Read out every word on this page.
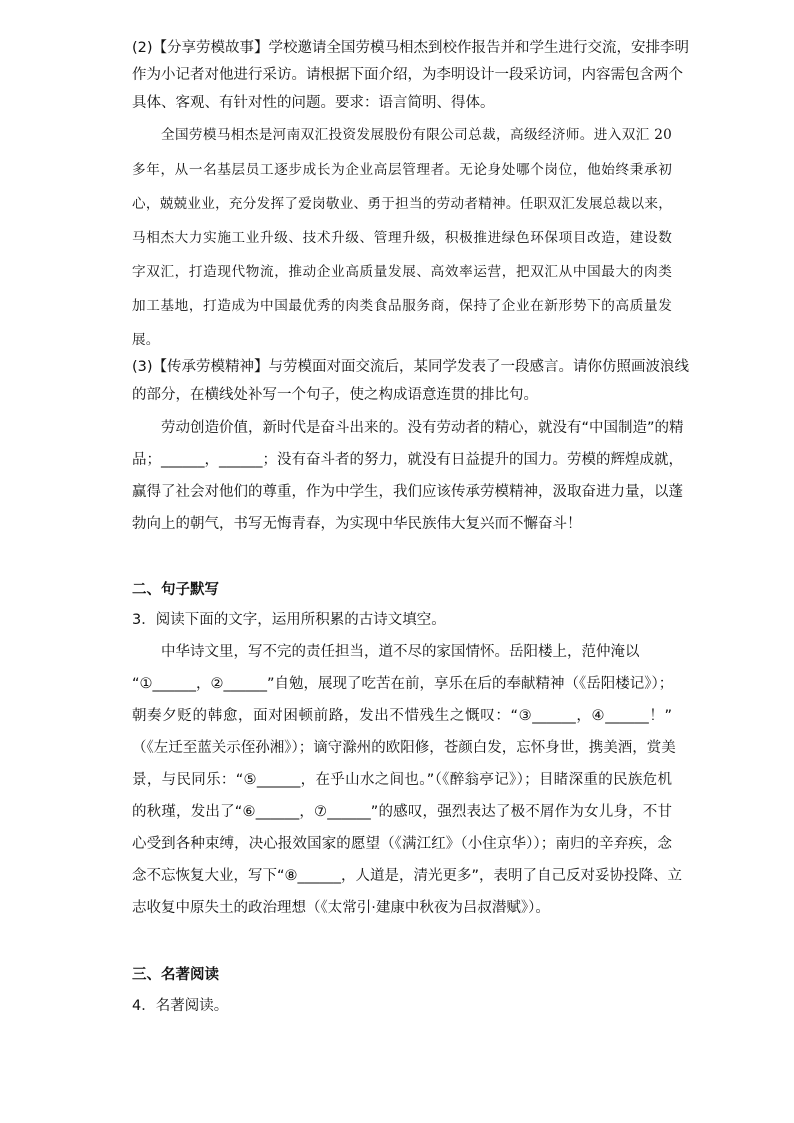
(2)【分享劳模故事】学校邀请全国劳模马相杰到校作报告并和学生进行交流，安排李明
作为小记者对他进行采访。请根据下面介绍，为李明设计一段采访词，内容需包含两个
具体、客观、有针对性的问题。要求：语言简明、得体。
全国劳模马相杰是河南双汇投资发展股份有限公司总裁，高级经济师。进入双汇 20
多年，从一名基层员工逐步成长为企业高层管理者。无论身处哪个岗位，他始终秉承初
心，兢兢业业，充分发挥了爱岗敬业、勇于担当的劳动者精神。任职双汇发展总裁以来，
马相杰大力实施工业升级、技术升级、管理升级，积极推进绿色环保项目改造，建设数
字双汇，打造现代物流，推动企业高质量发展、高效率运营，把双汇从中国最大的肉类
加工基地，打造成为中国最优秀的肉类食品服务商，保持了企业在新形势下的高质量发
展。
(3)【传承劳模精神】与劳模面对面交流后，某同学发表了一段感言。请你仿照画波浪线
的部分，在横线处补写一个句子，使之构成语意连贯的排比句。
劳动创造价值，新时代是奋斗出来的。没有劳动者的精心，就没有“中国制造”的精
品；______，______；没有奋斗者的努力，就没有日益提升的国力。劳模的辉煌成就，
赢得了社会对他们的尊重，作为中学生，我们应该传承劳模精神，汲取奋进力量，以蓬
勃向上的朝气，书写无悔青春，为实现中华民族伟大复兴而不懈奋斗！
二、句子默写
3．阅读下面的文字，运用所积累的古诗文填空。
中华诗文里，写不完的责任担当，道不尽的家国情怀。岳阳楼上，范仲淹以
“①______，②______”自勉，展现了吃苦在前，享乐在后的奉献精神（《岳阳楼记》）；
朝奏夕贬的韩愈，面对困顿前路，发出不惜残生之慨叹：“③______，④______！”
（《左迁至蓝关示侄孙湘》）；谪守滁州的欧阳修，苍颜白发，忘怀身世，携美酒，赏美
景，与民同乐：“⑤______，在乎山水之间也。”（《醉翁亭记》）；目睹深重的民族危机
的秋瑾，发出了“⑥______，⑦______”的感叹，强烈表达了极不屑作为女儿身，不甘
心受到各种束缚，决心报效国家的愿望（《满江红》（小住京华））；南归的辛弃疾，念
念不忘恢复大业，写下“⑧______，人道是，清光更多”，表明了自己反对妥协投降、立
志收复中原失土的政治理想（《太常引·建康中秋夜为吕叔潜赋》）。
三、名著阅读
4．名著阅读。
